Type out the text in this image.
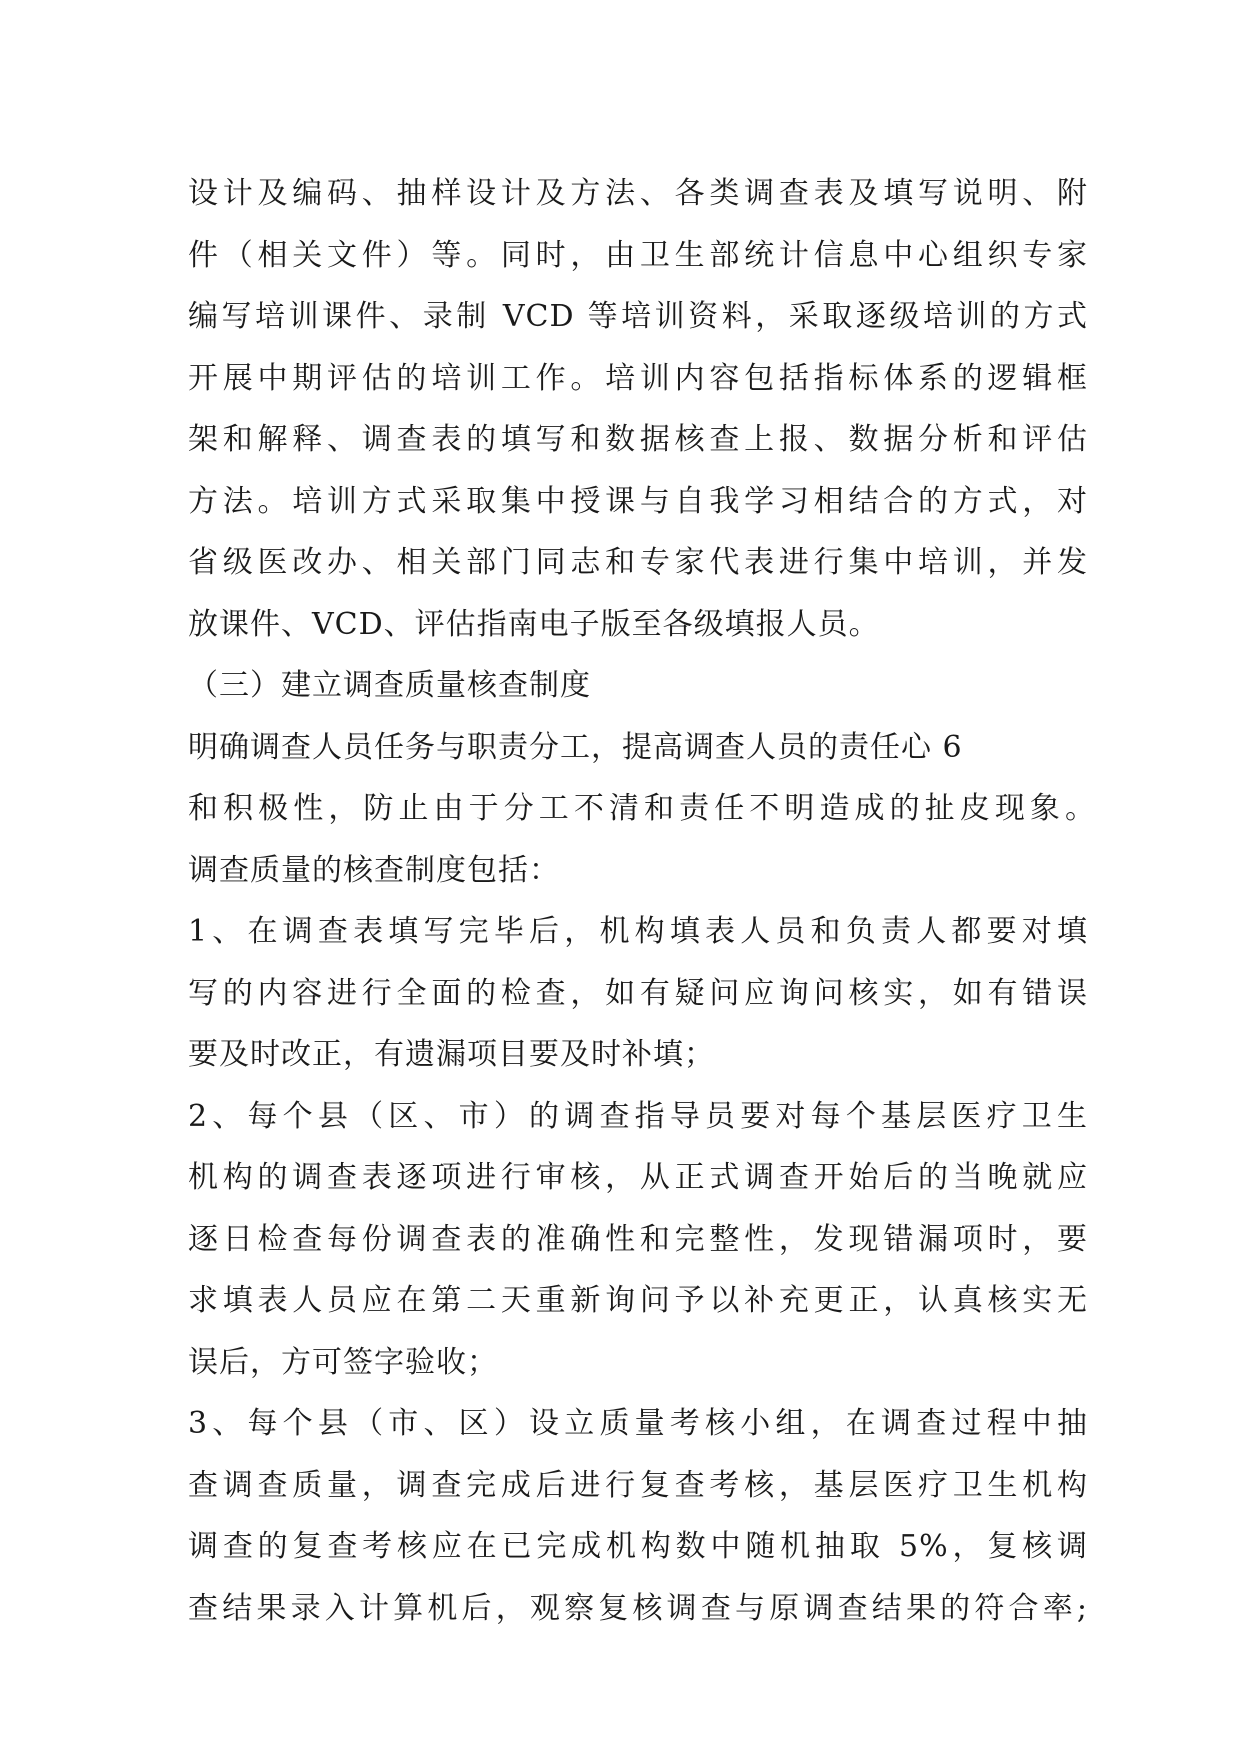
设计及编码、抽样设计及方法、各类调查表及填写说明、附
件（相关文件）等。同时，由卫生部统计信息中心组织专家
编写培训课件、录制 VCD 等培训资料，采取逐级培训的方式
开展中期评估的培训工作。培训内容包括指标体系的逻辑框
架和解释、调查表的填写和数据核查上报、数据分析和评估
方法。培训方式采取集中授课与自我学习相结合的方式，对
省级医改办、相关部门同志和专家代表进行集中培训，并发
放课件、VCD、评估指南电子版至各级填报人员。
（三）建立调查质量核查制度
明确调查人员任务与职责分工，提高调查人员的责任心 6
和积极性，防止由于分工不清和责任不明造成的扯皮现象。
调查质量的核查制度包括：
1、在调查表填写完毕后，机构填表人员和负责人都要对填
写的内容进行全面的检查，如有疑问应询问核实，如有错误
要及时改正，有遗漏项目要及时补填；
2、每个县（区、市）的调查指导员要对每个基层医疗卫生
机构的调查表逐项进行审核，从正式调查开始后的当晚就应
逐日检查每份调查表的准确性和完整性，发现错漏项时，要
求填表人员应在第二天重新询问予以补充更正，认真核实无
误后，方可签字验收；
3、每个县（市、区）设立质量考核小组，在调查过程中抽
查调查质量，调查完成后进行复查考核，基层医疗卫生机构
调查的复查考核应在已完成机构数中随机抽取 5%，复核调
查结果录入计算机后，观察复核调查与原调查结果的符合率;
